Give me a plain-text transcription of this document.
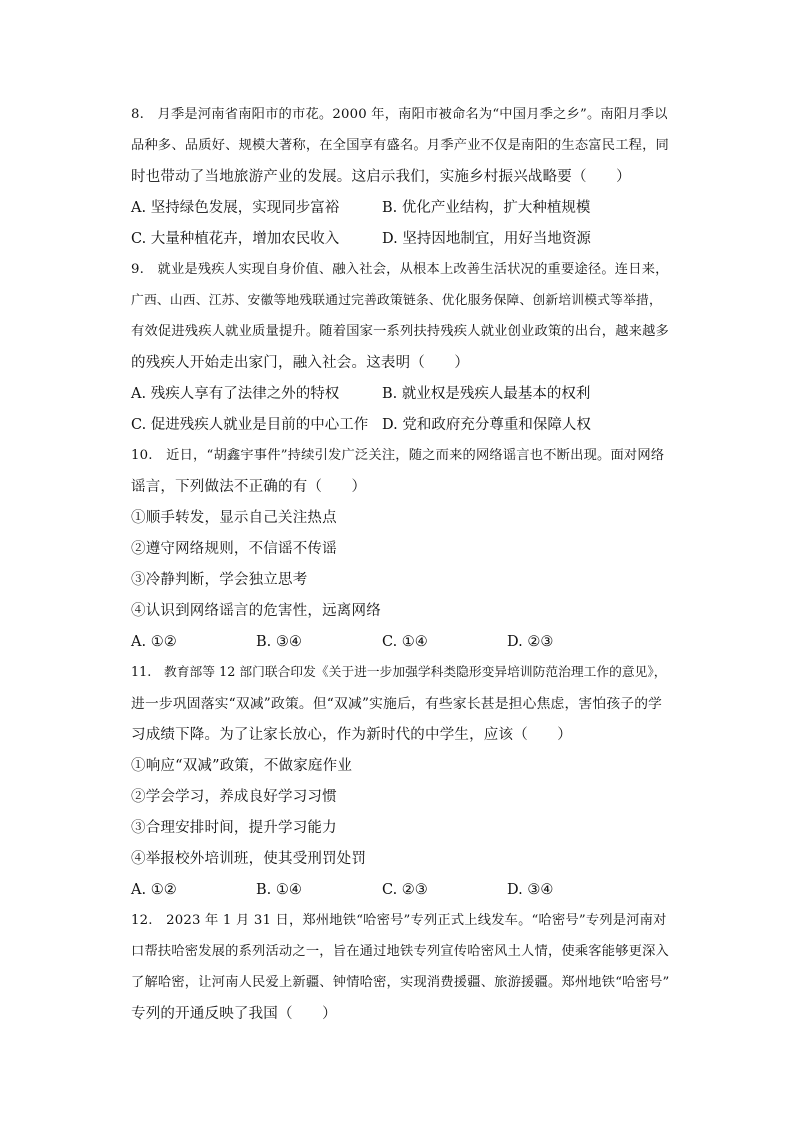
8.　月季是河南省南阳市的市花。2000 年，南阳市被命名为“中国月季之乡”。南阳月季以
品种多、品质好、规模大著称，在全国享有盛名。月季产业不仅是南阳的生态富民工程，同
时也带动了当地旅游产业的发展。这启示我们，实施乡村振兴战略要（　　）
A. 坚持绿色发展，实现同步富裕	B. 优化产业结构，扩大种植规模
C. 大量种植花卉，增加农民收入	D. 坚持因地制宜，用好当地资源
9.　就业是残疾人实现自身价值、融入社会，从根本上改善生活状况的重要途径。连日来，
广西、山西、江苏、安徽等地残联通过完善政策链条、优化服务保障、创新培训模式等举措，
有效促进残疾人就业质量提升。随着国家一系列扶持残疾人就业创业政策的出台，越来越多
的残疾人开始走出家门，融入社会。这表明（　　）
A. 残疾人享有了法律之外的特权	B. 就业权是残疾人最基本的权利
C. 促进残疾人就业是目前的中心工作 D. 党和政府充分尊重和保障人权
10.　近日，“胡鑫宇事件”持续引发广泛关注，随之而来的网络谣言也不断出现。面对网络
谣言，下列做法不正确的有（　　）
①顺手转发，显示自己关注热点
②遵守网络规则，不信谣不传谣
③冷静判断，学会独立思考
④认识到网络谣言的危害性，远离网络
A. ①②	B. ③④	C. ①④	D. ②③
11.　教育部等 12 部门联合印发《关于进一步加强学科类隐形变异培训防范治理工作的意见》，
进一步巩固落实“双减”政策。但“双减”实施后，有些家长甚是担心焦虑，害怕孩子的学
习成绩下降。为了让家长放心，作为新时代的中学生，应该（　　）
①响应“双减”政策，不做家庭作业
②学会学习，养成良好学习习惯
③合理安排时间，提升学习能力
④举报校外培训班，使其受刑罚处罚
A. ①②	B. ①④	C. ②③	D. ③④
12.　2023 年 1 月 31 日，郑州地铁“哈密号”专列正式上线发车。“哈密号”专列是河南对
口帮扶哈密发展的系列活动之一，旨在通过地铁专列宣传哈密风土人情，使乘客能够更深入
了解哈密，让河南人民爱上新疆、钟情哈密，实现消费援疆、旅游援疆。郑州地铁“哈密号”
专列的开通反映了我国（　　）
